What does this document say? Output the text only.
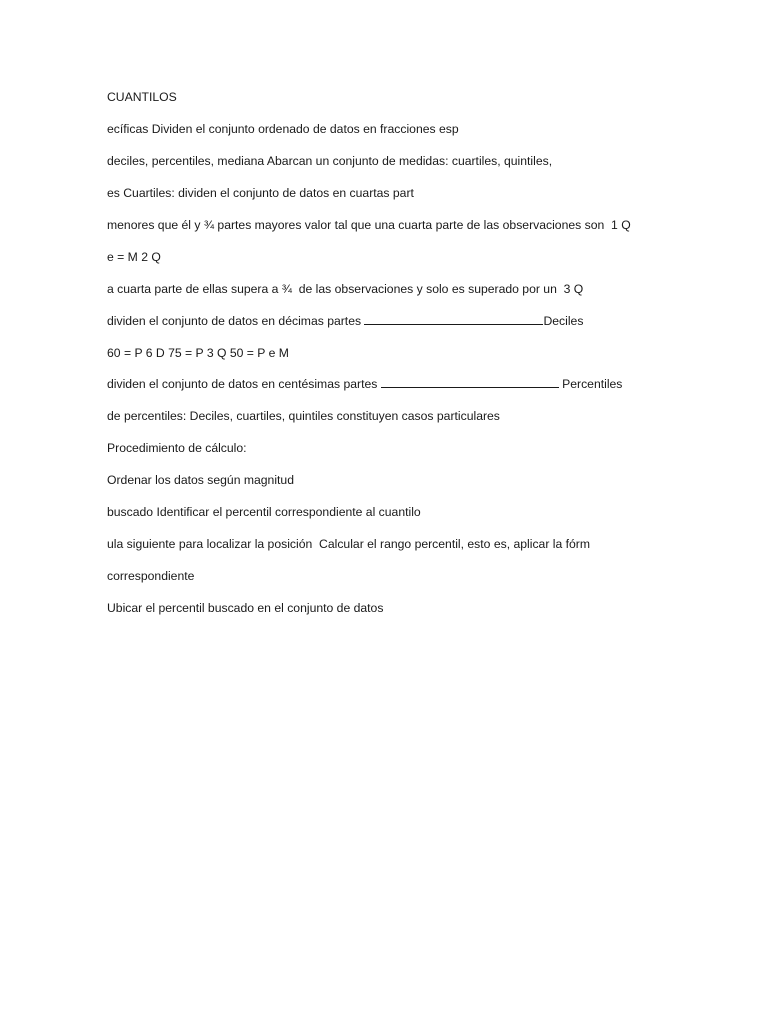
CUANTILOS
ecíficas Dividen el conjunto ordenado de datos en fracciones esp
deciles, percentiles, mediana Abarcan un conjunto de medidas: cuartiles, quintiles,
es Cuartiles: dividen el conjunto de datos en cuartas part
menores que él y ¾ partes mayores valor tal que una cuarta parte de las observaciones son  1 Q
e = M 2 Q
a cuarta parte de ellas supera a ¾  de las observaciones y solo es superado por un  3 Q
dividen el conjunto de datos en décimas partes	Deciles
60 = P 6 D 75 = P 3 Q 50 = P e M
dividen el conjunto de datos en centésimas partes	Percentiles
de percentiles: Deciles, cuartiles, quintiles constituyen casos particulares
Procedimiento de cálculo:
Ordenar los datos según magnitud
buscado Identificar el percentil correspondiente al cuantilo
ula siguiente para localizar la posición  Calcular el rango percentil, esto es, aplicar la fórm
correspondiente
Ubicar el percentil buscado en el conjunto de datos
